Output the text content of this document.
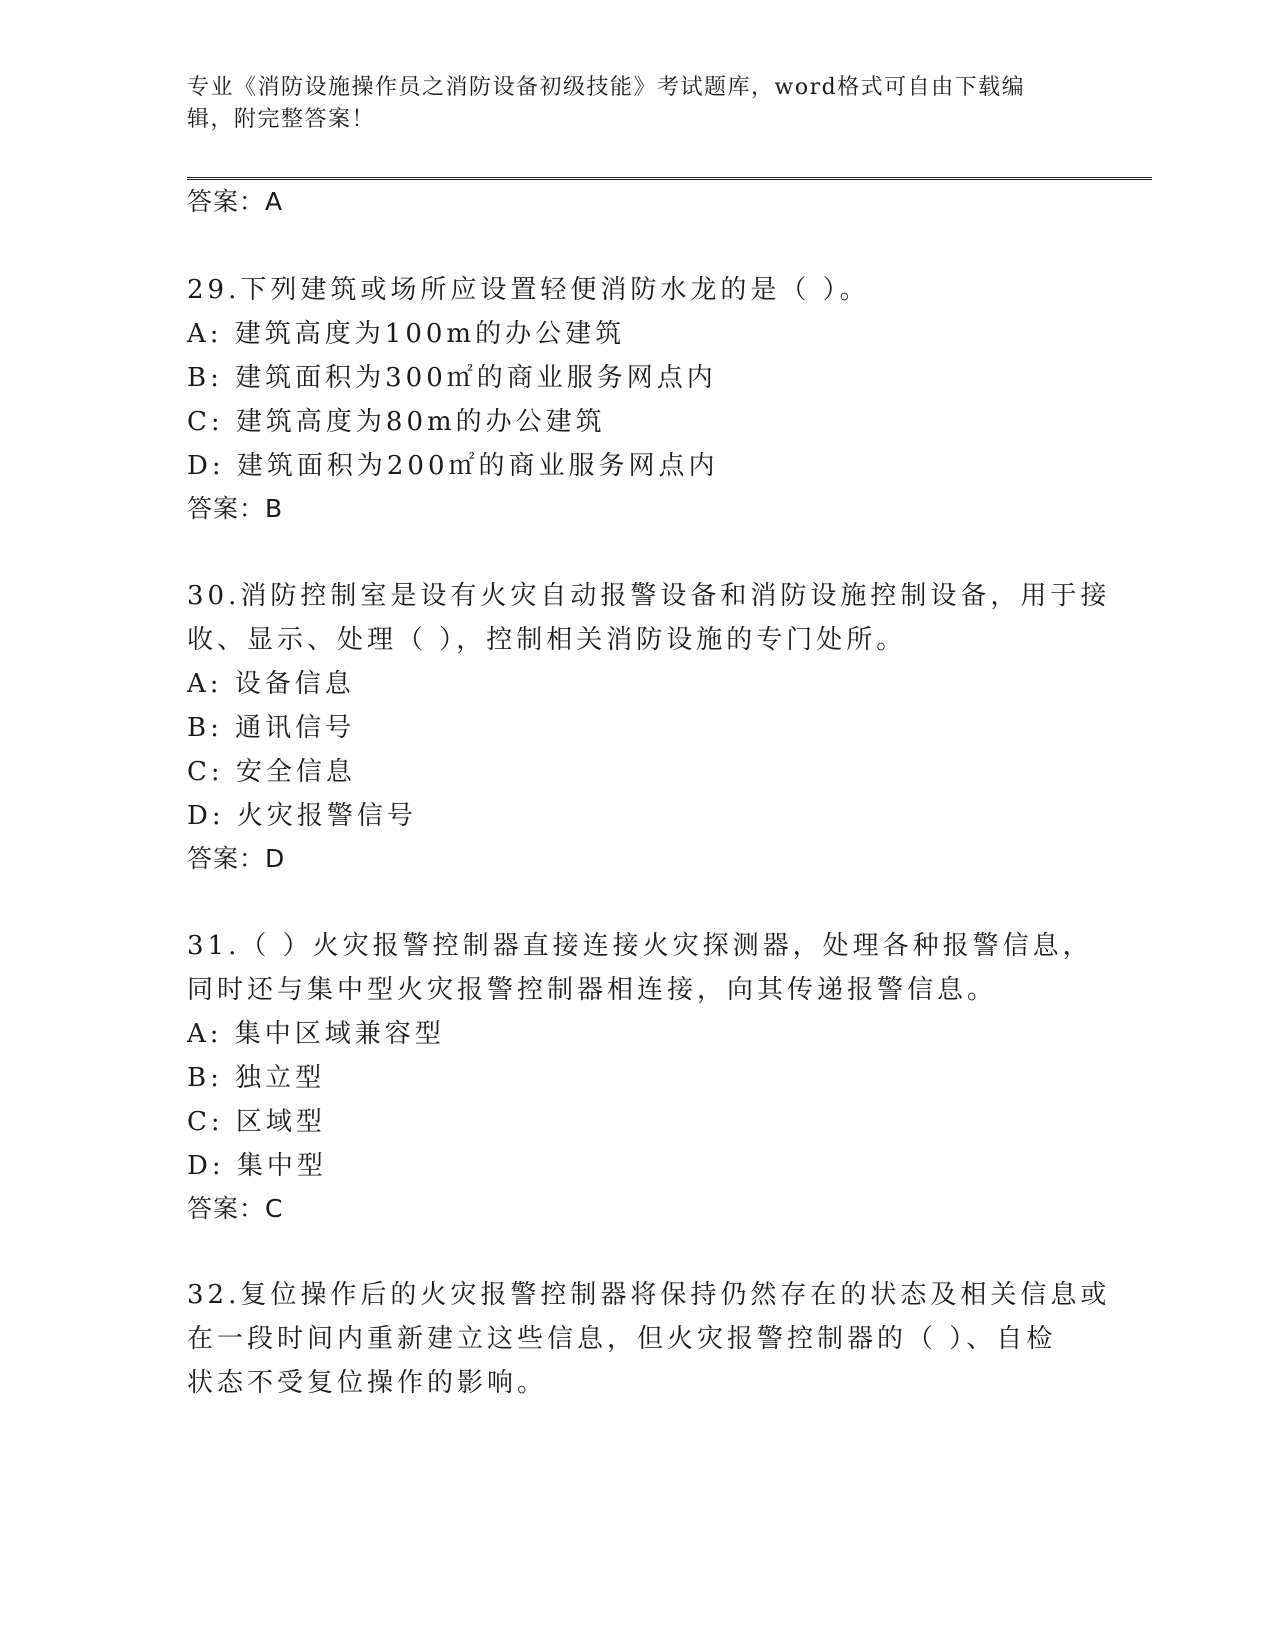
专业《消防设施操作员之消防设备初级技能》考试题库，word格式可自由下载编
辑，附完整答案！
答案：A
29.下列建筑或场所应设置轻便消防水龙的是（ ）。
A: 建筑高度为100m的办公建筑
B: 建筑面积为300㎡的商业服务网点内
C: 建筑高度为80m的办公建筑
D: 建筑面积为200㎡的商业服务网点内
答案：B
30.消防控制室是设有火灾自动报警设备和消防设施控制设备，用于接
收、显示、处理（ ），控制相关消防设施的专门处所。
A: 设备信息
B: 通讯信号
C: 安全信息
D: 火灾报警信号
答案：D
31.（ ）火灾报警控制器直接连接火灾探测器，处理各种报警信息，
同时还与集中型火灾报警控制器相连接，向其传递报警信息。
A: 集中区域兼容型
B: 独立型
C: 区域型
D: 集中型
答案：C
32.复位操作后的火灾报警控制器将保持仍然存在的状态及相关信息或
在一段时间内重新建立这些信息，但火灾报警控制器的（ ）、自检
状态不受复位操作的影响。
